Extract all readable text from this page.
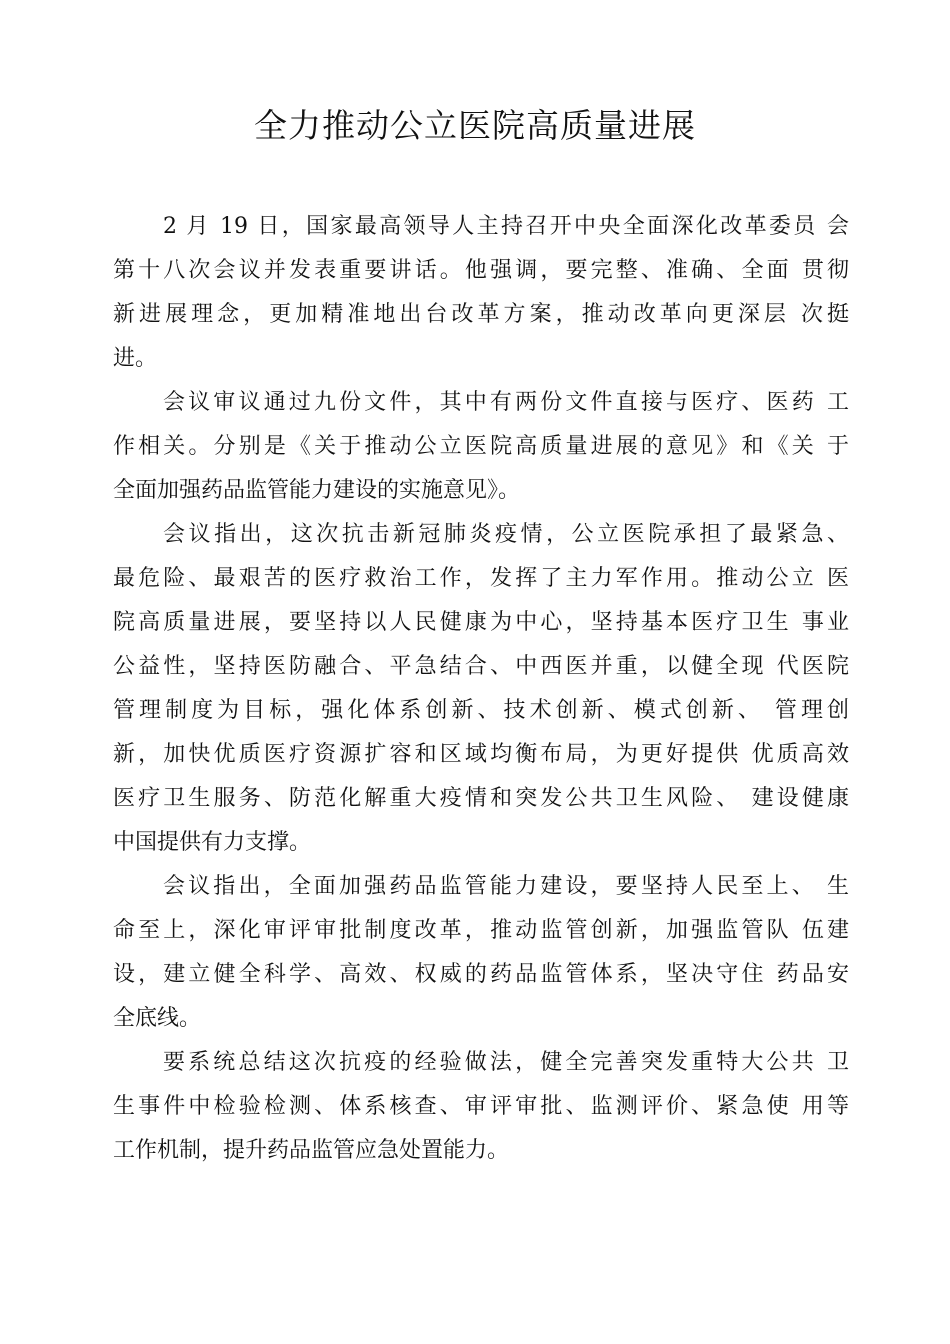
全力推动公立医院高质量进展

2 月 19 日，国家最高领导人主持召开中央全面深化改革委员 会
第十八次会议并发表重要讲话。他强调，要完整、准确、全面 贯彻
新进展理念，更加精准地出台改革方案，推动改革向更深层 次挺
进。

会议审议通过九份文件，其中有两份文件直接与医疗、医药 工
作相关。分别是《关于推动公立医院高质量进展的意见》和《关 于
全面加强药品监管能力建设的实施意见》。

会议指出，这次抗击新冠肺炎疫情，公立医院承担了最紧急、
最危险、最艰苦的医疗救治工作，发挥了主力军作用。推动公立 医
院高质量进展，要坚持以人民健康为中心，坚持基本医疗卫生 事业
公益性，坚持医防融合、平急结合、中西医并重，以健全现 代医院
管理制度为目标，强化体系创新、技术创新、模式创新、 管理创
新，加快优质医疗资源扩容和区域均衡布局，为更好提供 优质高效
医疗卫生服务、防范化解重大疫情和突发公共卫生风险、 建设健康
中国提供有力支撑。

会议指出，全面加强药品监管能力建设，要坚持人民至上、 生
命至上，深化审评审批制度改革，推动监管创新，加强监管队 伍建
设，建立健全科学、高效、权威的药品监管体系，坚决守住 药品安
全底线。

要系统总结这次抗疫的经验做法，健全完善突发重特大公共 卫
生事件中检验检测、体系核查、审评审批、监测评价、紧急使 用等
工作机制，提升药品监管应急处置能力。
